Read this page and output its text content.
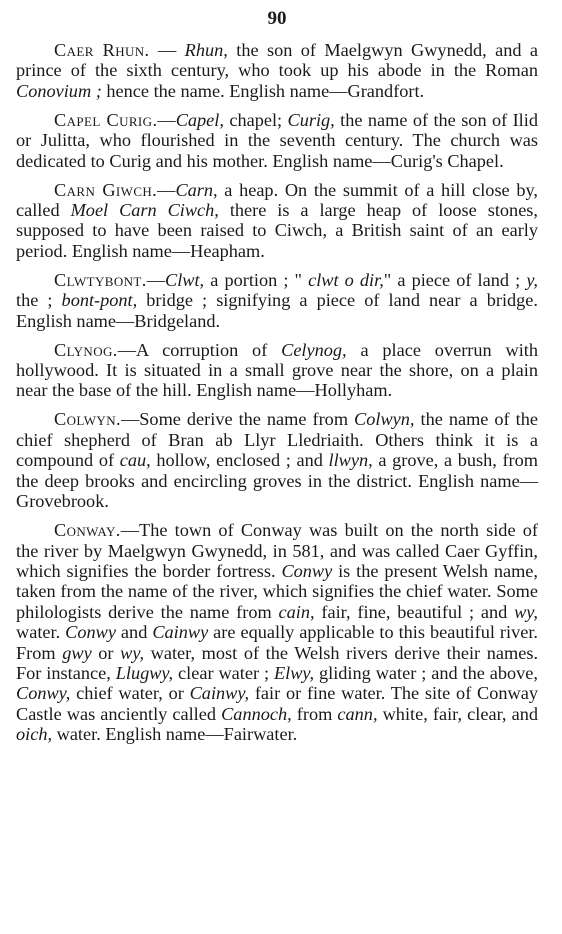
90

Caer Rhun. — Rhun, the son of Maelgwyn Gwynedd, and a prince of the sixth century, who took up his abode in the Roman Conovium ; hence the name. English name—Grandfort.

Capel Curig.—Capel, chapel; Curig, the name of the son of Ilid or Julitta, who flourished in the seventh century. The church was dedicated to Curig and his mother. English name—Curig's Chapel.

Carn Giwch.—Carn, a heap. On the summit of a hill close by, called Moel Carn Ciwch, there is a large heap of loose stones, supposed to have been raised to Ciwch, a British saint of an early period. English name—Heapham.

Clwtybont.—Clwt, a portion ; " clwt o dir," a piece of land ; y, the ; bont-pont, bridge ; signifying a piece of land near a bridge. English name—Bridgeland.

Clynog.—A corruption of Celynog, a place overrun with hollywood. It is situated in a small grove near the shore, on a plain near the base of the hill. English name—Hollyham.

Colwyn.—Some derive the name from Colwyn, the name of the chief shepherd of Bran ab Llyr Lledriaith. Others think it is a compound of cau, hollow, enclosed ; and llwyn, a grove, a bush, from the deep brooks and encircling groves in the district. English name—Grovebrook.

Conway.—The town of Conway was built on the north side of the river by Maelgwyn Gwynedd, in 581, and was called Caer Gyffin, which signifies the border fortress. Conwy is the present Welsh name, taken from the name of the river, which signifies the chief water. Some philologists derive the name from cain, fair, fine, beautiful ; and wy, water. Conwy and Cainwy are equally applicable to this beautiful river. From gwy or wy, water, most of the Welsh rivers derive their names. For instance, Llugwy, clear water ; Elwy, gliding water ; and the above, Conwy, chief water, or Cainwy, fair or fine water. The site of Conway Castle was anciently called Cannoch, from cann, white, fair, clear, and oich, water. English name—Fairwater.
